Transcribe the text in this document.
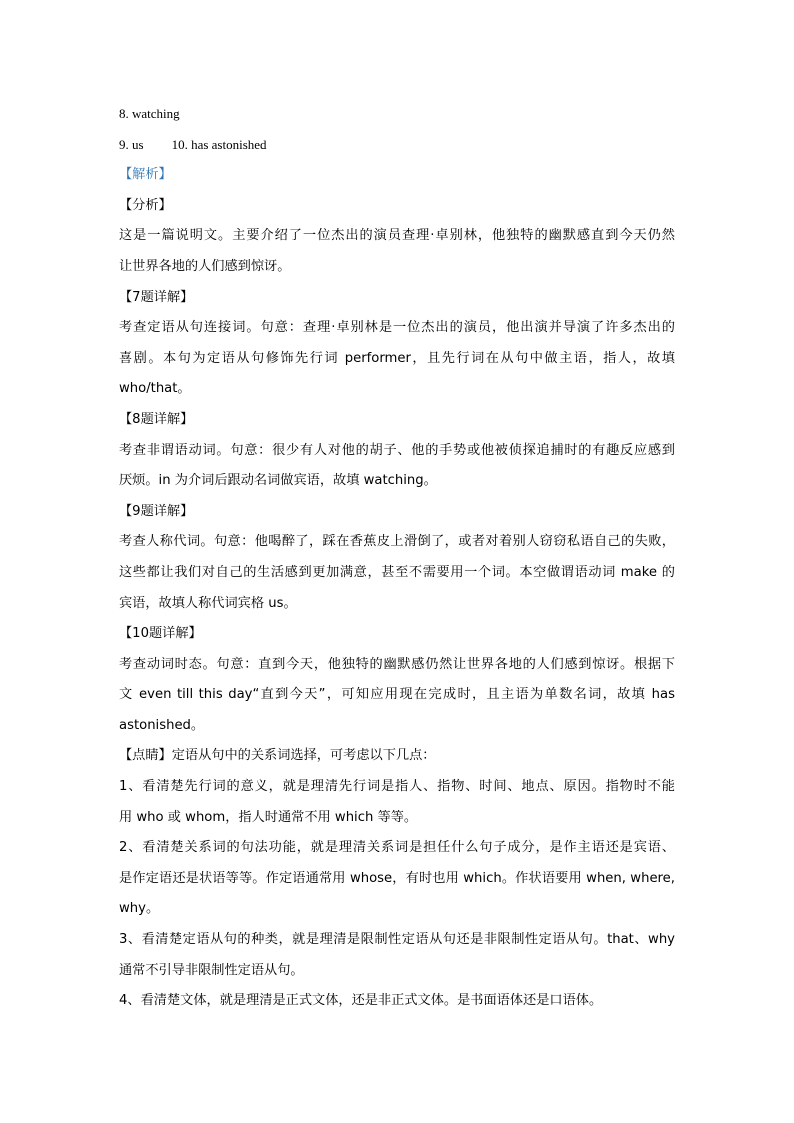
8. watching
9. us 10. has astonished
【解析】
【分析】
这是一篇说明文。主要介绍了一位杰出的演员查理·卓别林，他独特的幽默感直到今天仍然
让世界各地的人们感到惊讶。
【7题详解】
考查定语从句连接词。句意：查理·卓别林是一位杰出的演员，他出演并导演了许多杰出的
喜剧。本句为定语从句修饰先行词 performer，且先行词在从句中做主语，指人，故填
who/that。
【8题详解】
考查非谓语动词。句意：很少有人对他的胡子、他的手势或他被侦探追捕时的有趣反应感到
厌烦。in 为介词后跟动名词做宾语，故填 watching。
【9题详解】
考查人称代词。句意：他喝醉了，踩在香蕉皮上滑倒了，或者对着别人窃窃私语自己的失败，
这些都让我们对自己的生活感到更加满意，甚至不需要用一个词。本空做谓语动词 make 的
宾语，故填人称代词宾格 us。
【10题详解】
考查动词时态。句意：直到今天，他独特的幽默感仍然让世界各地的人们感到惊讶。根据下
文 even till this day“直到今天”，可知应用现在完成时，且主语为单数名词，故填 has
astonished。
【点睛】定语从句中的关系词选择，可考虑以下几点：
1、看清楚先行词的意义，就是理清先行词是指人、指物、时间、地点、原因。指物时不能
用 who 或 whom，指人时通常不用 which 等等。
2、看清楚关系词的句法功能，就是理清关系词是担任什么句子成分，是作主语还是宾语、
是作定语还是状语等等。作定语通常用 whose，有时也用 which。作状语要用 when, where,
why。
3、看清楚定语从句的种类，就是理清是限制性定语从句还是非限制性定语从句。that、why
通常不引导非限制性定语从句。
4、看清楚文体，就是理清是正式文体，还是非正式文体。是书面语体还是口语体。
